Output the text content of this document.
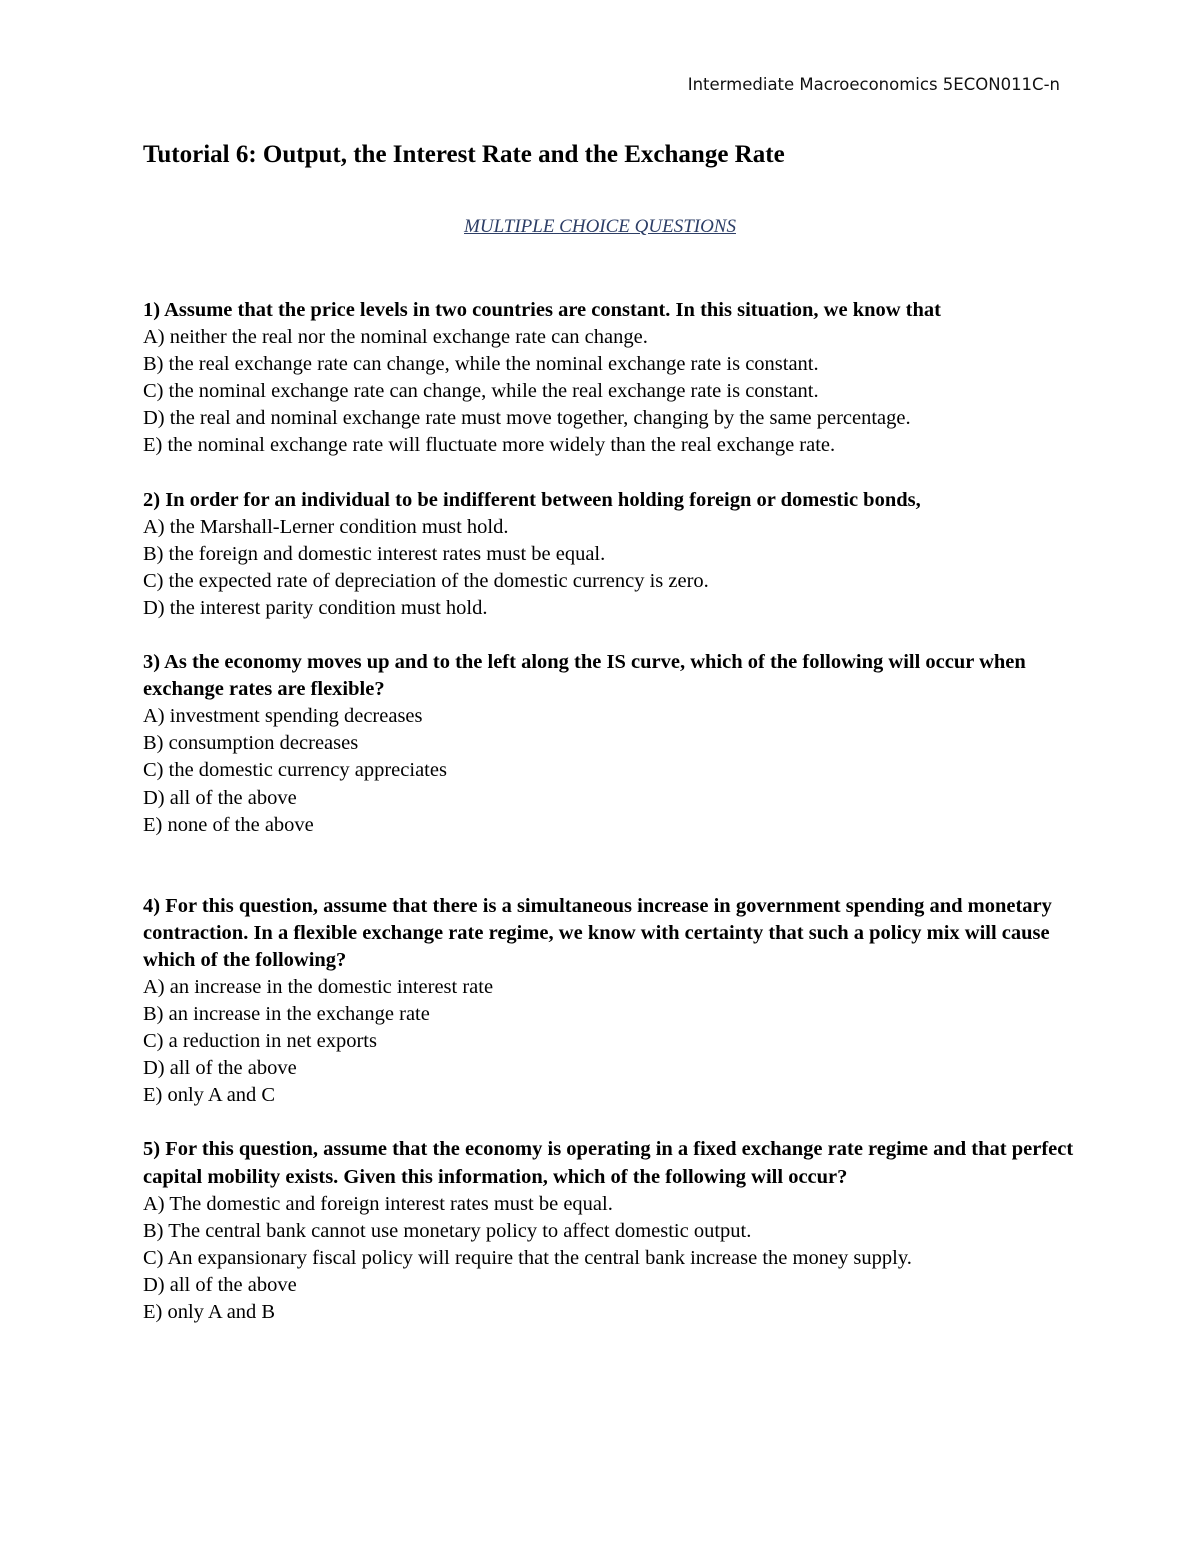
Intermediate Macroeconomics 5ECON011C-n
Tutorial 6: Output, the Interest Rate and the Exchange Rate
MULTIPLE CHOICE QUESTIONS
1) Assume that the price levels in two countries are constant. In this situation, we know that
A) neither the real nor the nominal exchange rate can change.
B) the real exchange rate can change, while the nominal exchange rate is constant.
C) the nominal exchange rate can change, while the real exchange rate is constant.
D) the real and nominal exchange rate must move together, changing by the same percentage.
E) the nominal exchange rate will fluctuate more widely than the real exchange rate.
2) In order for an individual to be indifferent between holding foreign or domestic bonds,
A) the Marshall-Lerner condition must hold.
B) the foreign and domestic interest rates must be equal.
C) the expected rate of depreciation of the domestic currency is zero.
D) the interest parity condition must hold.
3) As the economy moves up and to the left along the IS curve, which of the following will occur when exchange rates are flexible?
A) investment spending decreases
B) consumption decreases
C) the domestic currency appreciates
D) all of the above
E) none of the above
4) For this question, assume that there is a simultaneous increase in government spending and monetary contraction. In a flexible exchange rate regime, we know with certainty that such a policy mix will cause which of the following?
A) an increase in the domestic interest rate
B) an increase in the exchange rate
C) a reduction in net exports
D) all of the above
E) only A and C
5) For this question, assume that the economy is operating in a fixed exchange rate regime and that perfect capital mobility exists. Given this information, which of the following will occur?
A) The domestic and foreign interest rates must be equal.
B) The central bank cannot use monetary policy to affect domestic output.
C) An expansionary fiscal policy will require that the central bank increase the money supply.
D) all of the above
E) only A and B
